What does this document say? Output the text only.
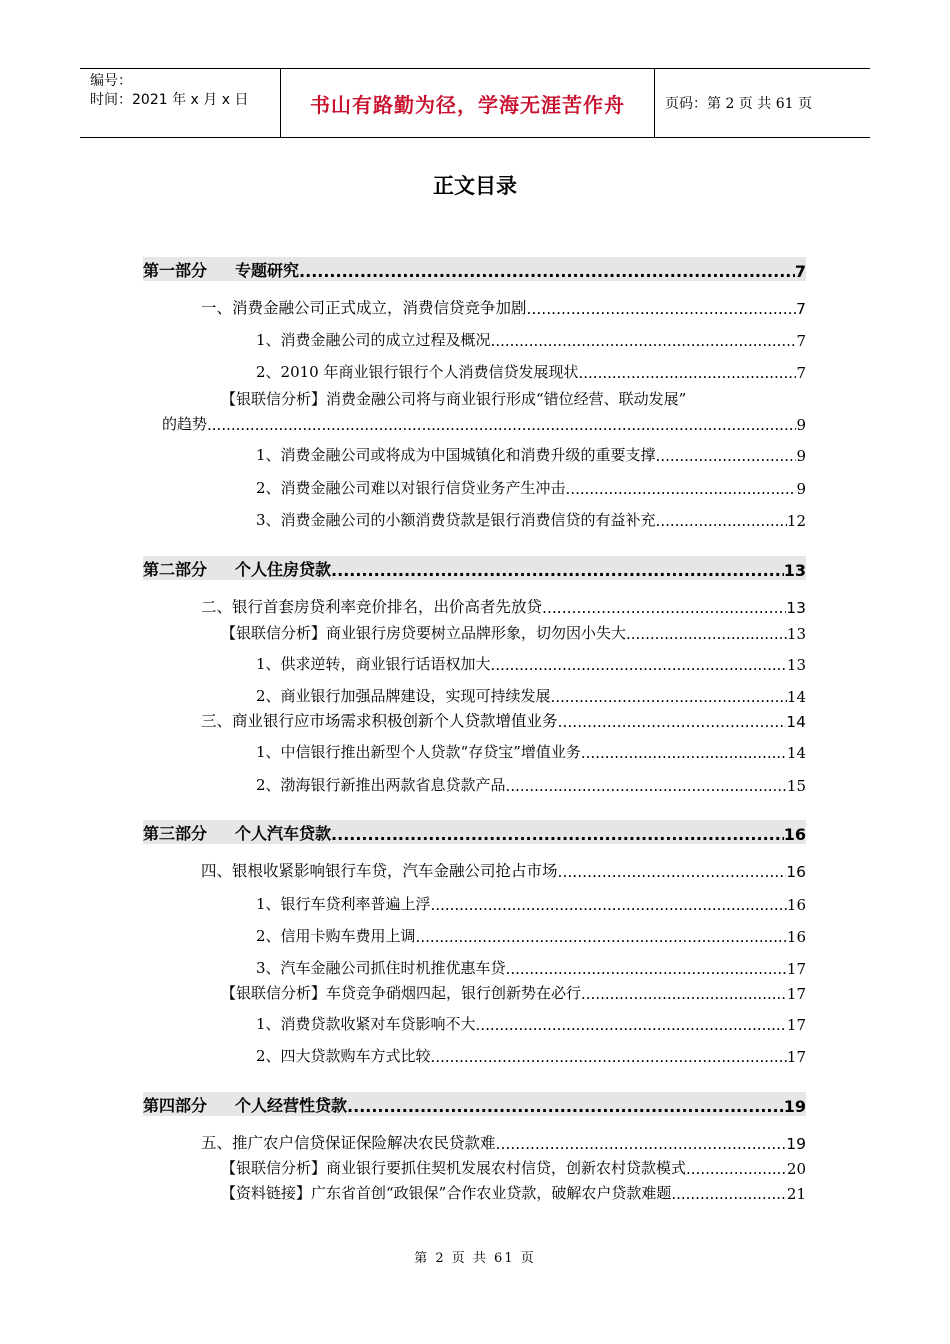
编号：
时间：2021 年 x 月 x 日	书山有路勤为径，学海无涯苦作舟	页码：第 2 页 共 61 页
正文目录
第一部分 专题研究 .....	7
一、消费金融公司正式成立，消费信贷竞争加剧 .....	7
1、消费金融公司的成立过程及概况 .....	7
2、2010 年商业银行银行个人消费信贷发展现状 .....	7
【银联信分析】消费金融公司将与商业银行形成“错位经营、联动发展”
的趋势 .....	9
1、消费金融公司或将成为中国城镇化和消费升级的重要支撑 .....	9
2、消费金融公司难以对银行信贷业务产生冲击 .....	9
3、消费金融公司的小额消费贷款是银行消费信贷的有益补充 .....	12
第二部分 个人住房贷款 .....	13
二、银行首套房贷利率竞价排名，出价高者先放贷 .....	13
【银联信分析】商业银行房贷要树立品牌形象，切勿因小失大 .....	13
1、供求逆转，商业银行话语权加大 .....	13
2、商业银行加强品牌建设，实现可持续发展 .....	14
三、商业银行应市场需求积极创新个人贷款增值业务 .....	14
1、中信银行推出新型个人贷款“存贷宝”增值业务 .....	14
2、渤海银行新推出两款省息贷款产品 .....	15
第三部分 个人汽车贷款 .....	16
四、银根收紧影响银行车贷，汽车金融公司抢占市场 .....	16
1、银行车贷利率普遍上浮 .....	16
2、信用卡购车费用上调 .....	16
3、汽车金融公司抓住时机推优惠车贷 .....	17
【银联信分析】车贷竞争硝烟四起，银行创新势在必行 .....	17
1、消费贷款收紧对车贷影响不大 .....	17
2、四大贷款购车方式比较 .....	17
第四部分 个人经营性贷款 .....	19
五、推广农户信贷保证保险解决农民贷款难 .....	19
【银联信分析】商业银行要抓住契机发展农村信贷，创新农村贷款模式 .....	20
【资料链接】广东省首创“政银保”合作农业贷款，破解农户贷款难题 .....	21
第 2 页 共 61 页
